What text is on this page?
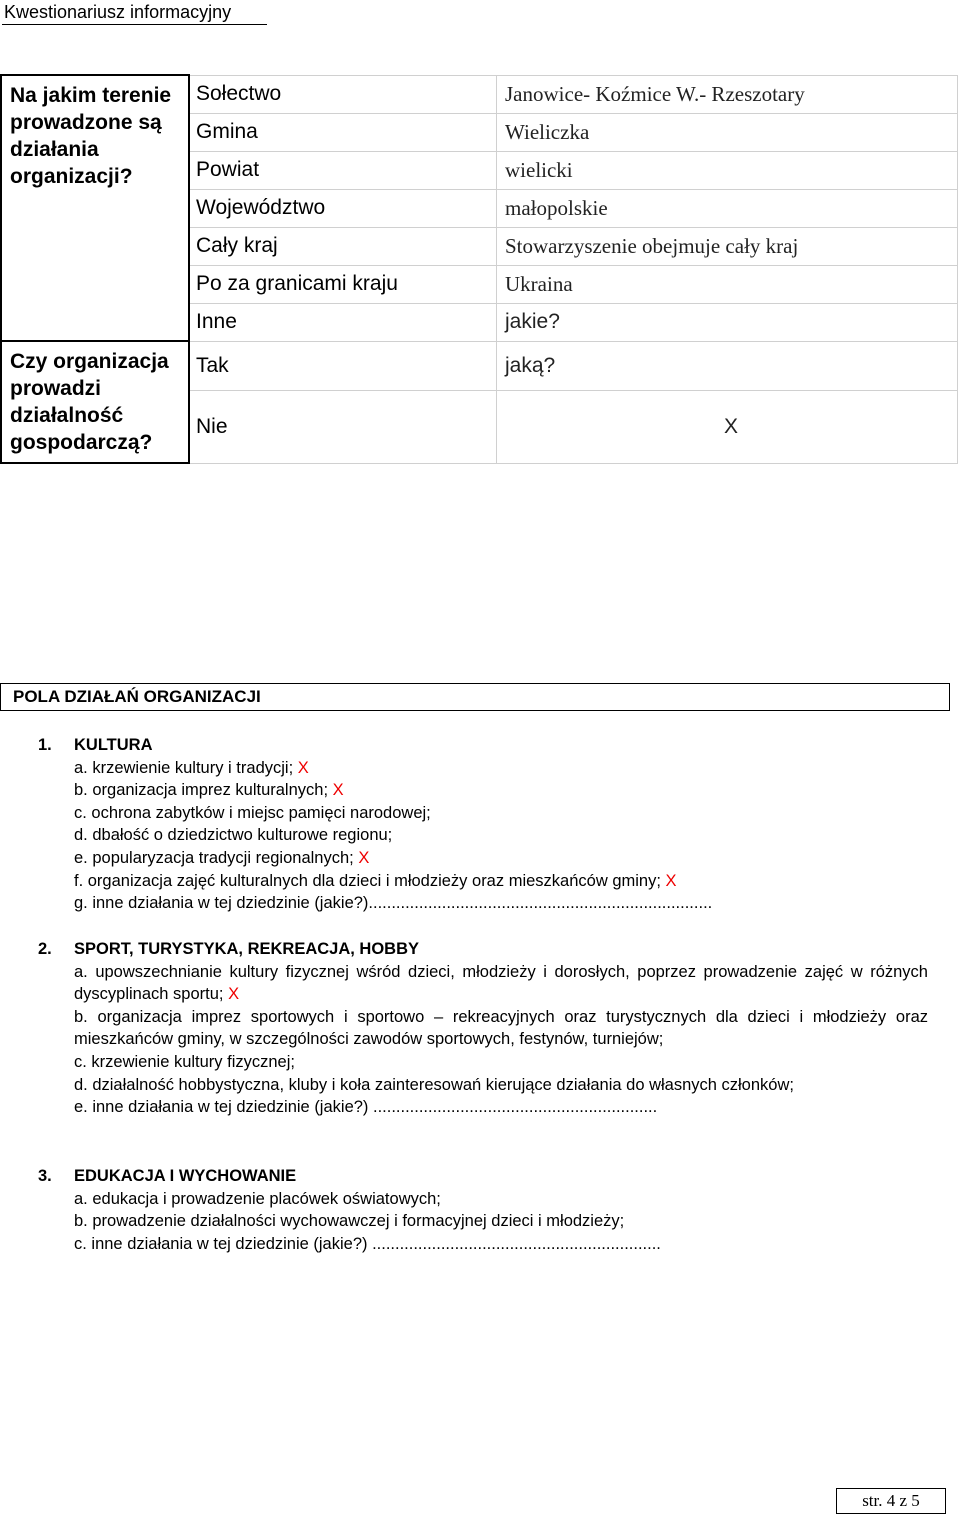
Kwestionariusz informacyjny
Na jakim terenie prowadzone są działania organizacji?	Sołectwo	Janowice- Koźmice W.- Rzeszotary
	Gmina	Wieliczka
	Powiat	wielicki
	Województwo	małopolskie
	Cały kraj	Stowarzyszenie obejmuje cały kraj
	Po za granicami kraju	Ukraina
	Inne	jakie?
Czy organizacja prowadzi działalność gospodarczą?	Tak	jaką?
	Nie	X
POLA DZIAŁAŃ ORGANIZACJI
1. KULTURA
a. krzewienie kultury i tradycji; X
b. organizacja imprez kulturalnych; X
c. ochrona zabytków i miejsc pamięci narodowej;
d. dbałość o dziedzictwo kulturowe regionu;
e. popularyzacja tradycji regionalnych; X
f. organizacja zajęć kulturalnych dla dzieci i młodzieży oraz mieszkańców gminy; X
g. inne działania w tej dziedzinie (jakie?)...........................................................................
2. SPORT, TURYSTYKA, REKREACJA, HOBBY
a. upowszechnianie kultury fizycznej wśród dzieci, młodzieży i dorosłych, poprzez prowadzenie zajęć w różnych dyscyplinach sportu; X
b. organizacja imprez sportowych i sportowo – rekreacyjnych oraz turystycznych dla dzieci i młodzieży oraz mieszkańców gminy, w szczególności zawodów sportowych, festynów, turniejów;
c. krzewienie kultury fizycznej;
d. działalność hobbystyczna, kluby i koła zainteresowań kierujące działania do własnych członków;
e. inne działania w tej dziedzinie (jakie?) ..............................................................
3. EDUKACJA I WYCHOWANIE
a. edukacja i prowadzenie placówek oświatowych;
b. prowadzenie działalności wychowawczej i formacyjnej dzieci i młodzieży;
c. inne działania w tej dziedzinie (jakie?) ...............................................................
str. 4 z 5
